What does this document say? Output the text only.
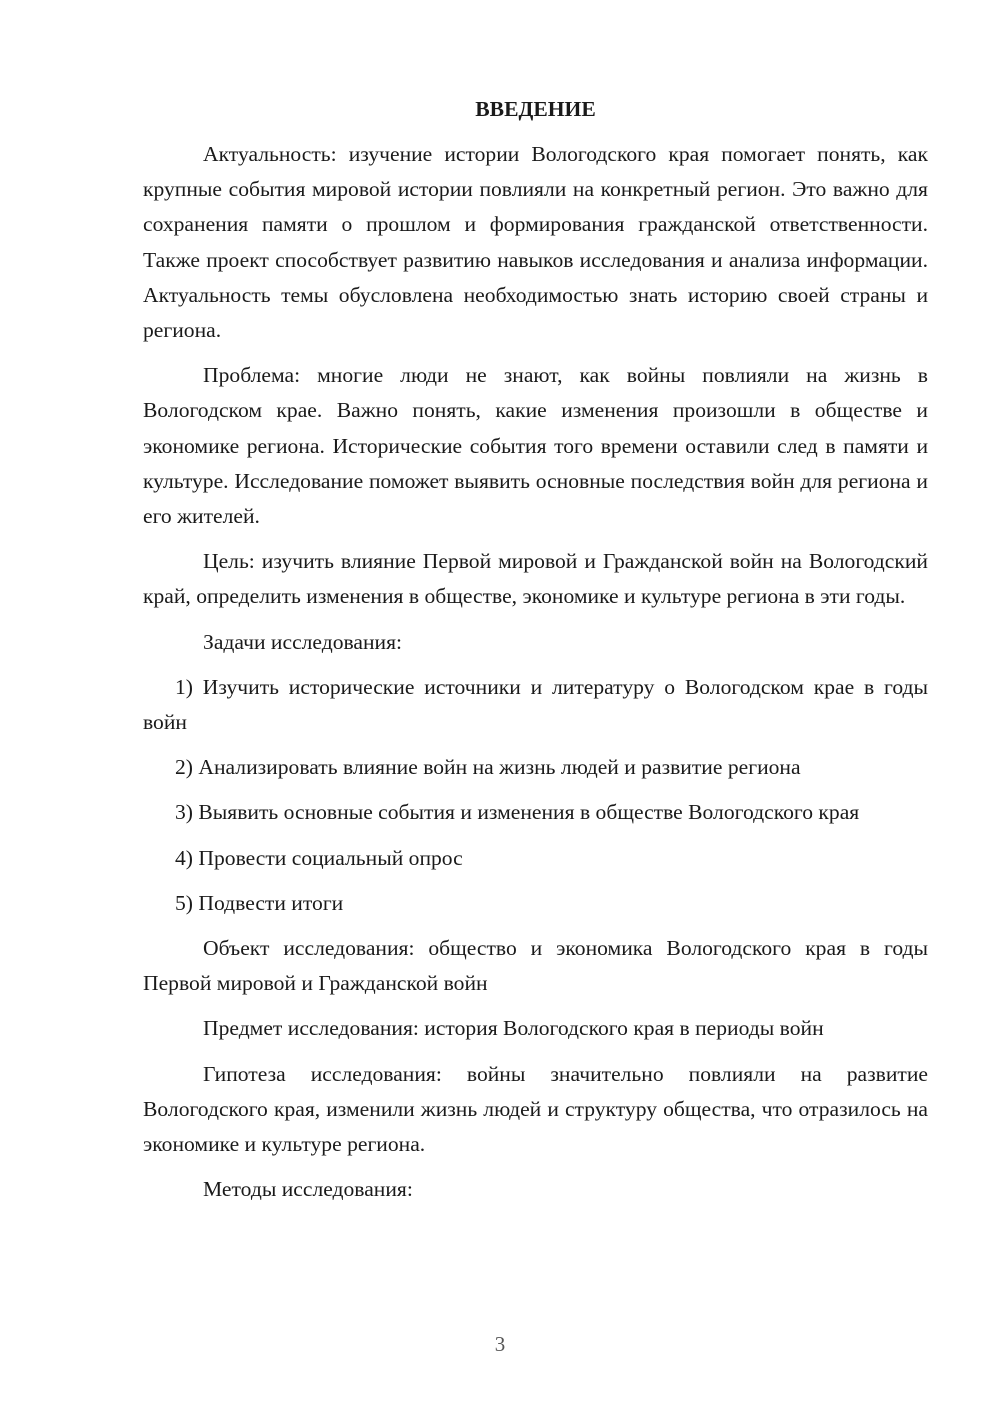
ВВЕДЕНИЕ

Актуальность: изучение истории Вологодского края помогает понять, как крупные события мировой истории повлияли на конкретный регион. Это важно для сохранения памяти о прошлом и формирования гражданской ответственности. Также проект способствует развитию навыков исследования и анализа информации. Актуальность темы обусловлена необходимостью знать историю своей страны и региона.

Проблема: многие люди не знают, как войны повлияли на жизнь в Вологодском крае. Важно понять, какие изменения произошли в обществе и экономике региона. Исторические события того времени оставили след в памяти и культуре. Исследование поможет выявить основные последствия войн для региона и его жителей.

Цель: изучить влияние Первой мировой и Гражданской войн на Вологодский край, определить изменения в обществе, экономике и культуре региона в эти годы.

Задачи исследования:

1) Изучить исторические источники и литературу о Вологодском крае в годы войн

2) Анализировать влияние войн на жизнь людей и развитие региона

3) Выявить основные события и изменения в обществе Вологодского края

4) Провести социальный опрос

5) Подвести итоги

Объект исследования: общество и экономика Вологодского края в годы Первой мировой и Гражданской войн

Предмет исследования: история Вологодского края в периоды войн

Гипотеза исследования: войны значительно повлияли на развитие Вологодского края, изменили жизнь людей и структуру общества, что отразилось на экономике и культуре региона.

Методы исследования:

3
